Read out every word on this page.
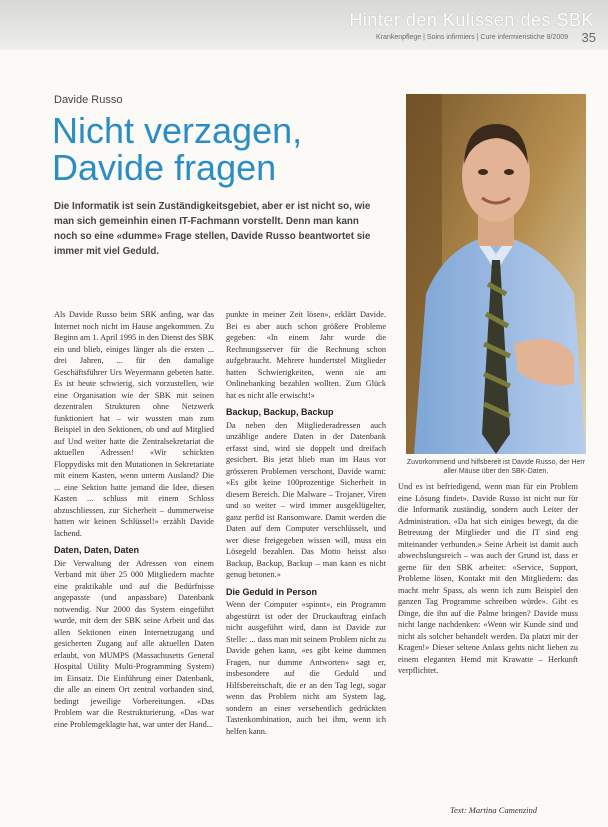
Hinter den Kulissen des SBK
Krankenpflege | Soins infirmiers | Cure infermieristiche 8/2009 35
Davide Russo
Nicht verzagen,
Davide fragen
Die Informatik ist sein Zuständigkeitsgebiet, aber er ist nicht so, wie man sich gemeinhin einen IT-Fachmann vorstellt. Denn man kann noch so eine «dumme» Frage stellen, Davide Russo beantwortet sie immer mit viel Geduld.
Zuvorkommend und hilfsbereit ist Davide Russo, der Herr aller Mäuse über den SBK-Daten.

Als Davide Russo beim SBK anfing, war das Internet noch nicht im Hause angekommen. Zu Beginn am 1. April 1995 in den Dienst des SBK ein und blieb, einiges länger als die ersten ... drei Jahren, ... für den damalige Geschäftsführer Urs Weyermann gebeten hatte. Es ist heute schwierig, sich vorzustellen, wie eine Organisation wie der SBK mit seinen dezentralen Strukturen ohne Netzwerk funktioniert hat – wir wussten man zum Beispiel in den Sektionen, ob und auf Mitglied auf Und weiter hatte die Zentralsekretariat die aktuellen Adressen! «Wir schickten Floppydisks mit den Mutationen in Sekretariate mit einem Kasten, wenn unterm Ausland? Die ... eine Sektion hatte jemand die Idee, diesen Kasten ... schluss mit einem Schloss abzuschliessen, zur Sicherheit – dummerweise hatten wir keinen Schlüssel!» erzählt Davide lachend.

Daten, Daten, Daten

Die Verwaltung der Adressen von einem Verband mit über 25 000 Mitgliedern machte eine praktikable und auf die Bedürfnisse angepasste (und anpassbare) Datenbank notwendig. Nur 2000 das System eingeführt wurde, mit dem der SBK seine Arbeit und das allen Sektionen einen Internetzugang und gesicherten Zugang auf alle aktuellen Daten erlaubt, von MUMPS (Massachusetts General Hospital Utility Multi-Programming System) im Einsatz. Die Einführung einer Datenbank, die alle an einem Ort zentral vorhanden sind, bedingt jeweilige Vorbereitungen. «Das Problem war die Restrukturierung. «Das war eine Problemgeklagte hat, war unter der Hand...

punkte in meiner Zeit lösen», erklärt Davide. Bei es aber auch schon größere Probleme gegeben: «In einem Jahr wurde die Rechnungsserver für die Rechnung schon aufgebraucht. Mehrere hundertstel Mitglieder hatten Schwierigkeiten, wenn sie am Onlinebanking bezahlen wollten. Zum Glück hat es nicht alle erwischt!»

Backup, Backup, Backup

Da neben den Mitgliederadressen auch unzählige andere Daten in der Datenbank erfasst sind, wird sie doppelt und dreifach gesichert. Bis jetzt blieb man im Haus vor grösseren Problemen verschont, Davide warnt: «Es gibt keine 100prozentige Sicherheit in diesem Bereich. Die Malware – Trojaner, Viren und so weiter – wird immer ausgeklügelter, ganz perfid ist Ransomware. Damit werden die Daten auf dem Computer verschlüsselt, und wer diese freigegeben wissen will, muss ein Lösegeld bezahlen. Das Motto heisst also Backup, Backup, Backup – man kann es nicht genug betonen.»

Die Geduld in Person

Wenn der Computer «spinnt», ein Programm abgestürzt ist oder der Druckauftrag einfach nicht ausgeführt wird, dann ist Davide zur Stelle: ... dass man mit seinem Problem nicht zu Davide gehen kann, «es gibt keine dummen Fragen, nur dumme Antworten» sagt er, insbesondere auf die Geduld und Hilfsbereitschaft, die er an den Tag legt, sogar wenn das Problem nicht am System lag, sondern an einer versehentlich gedrückten Tastenkombination, auch bei ihm, wenn ich helfen kann.

Und es ist befriedigend, wenn man für ein Problem eine Lösung findet». Davide Russo ist nicht nur für die Informatik zuständig, sondern auch Leiter der Administration. «Da hat sich einiges bewegt, da die Betreuung der Mitglieder und die IT sind eng miteinander verbunden.» Seine Arbeit ist damit auch abwechslungsreich – was auch der Grund ist, dass er gerne für den SBK arbeitet: «Service, Support, Probleme lösen, Kontakt mit den Mitgliedern: das macht mehr Spass, als wenn ich zum Beispiel den ganzen Tag Programme schreiben würde». Gibt es Dinge, die ihn auf die Palme bringen? Davide muss nicht lange nachdenken: «Wenn wir Kunde sind und nicht als solcher behandelt werden. Da platzt mir der Kragen!» Dieser seltene Anlass gehts nicht lieben zu einem eleganten Hemd mit Krawatte – Herkunft verpflichtet.

Text: Martina Camenzind
